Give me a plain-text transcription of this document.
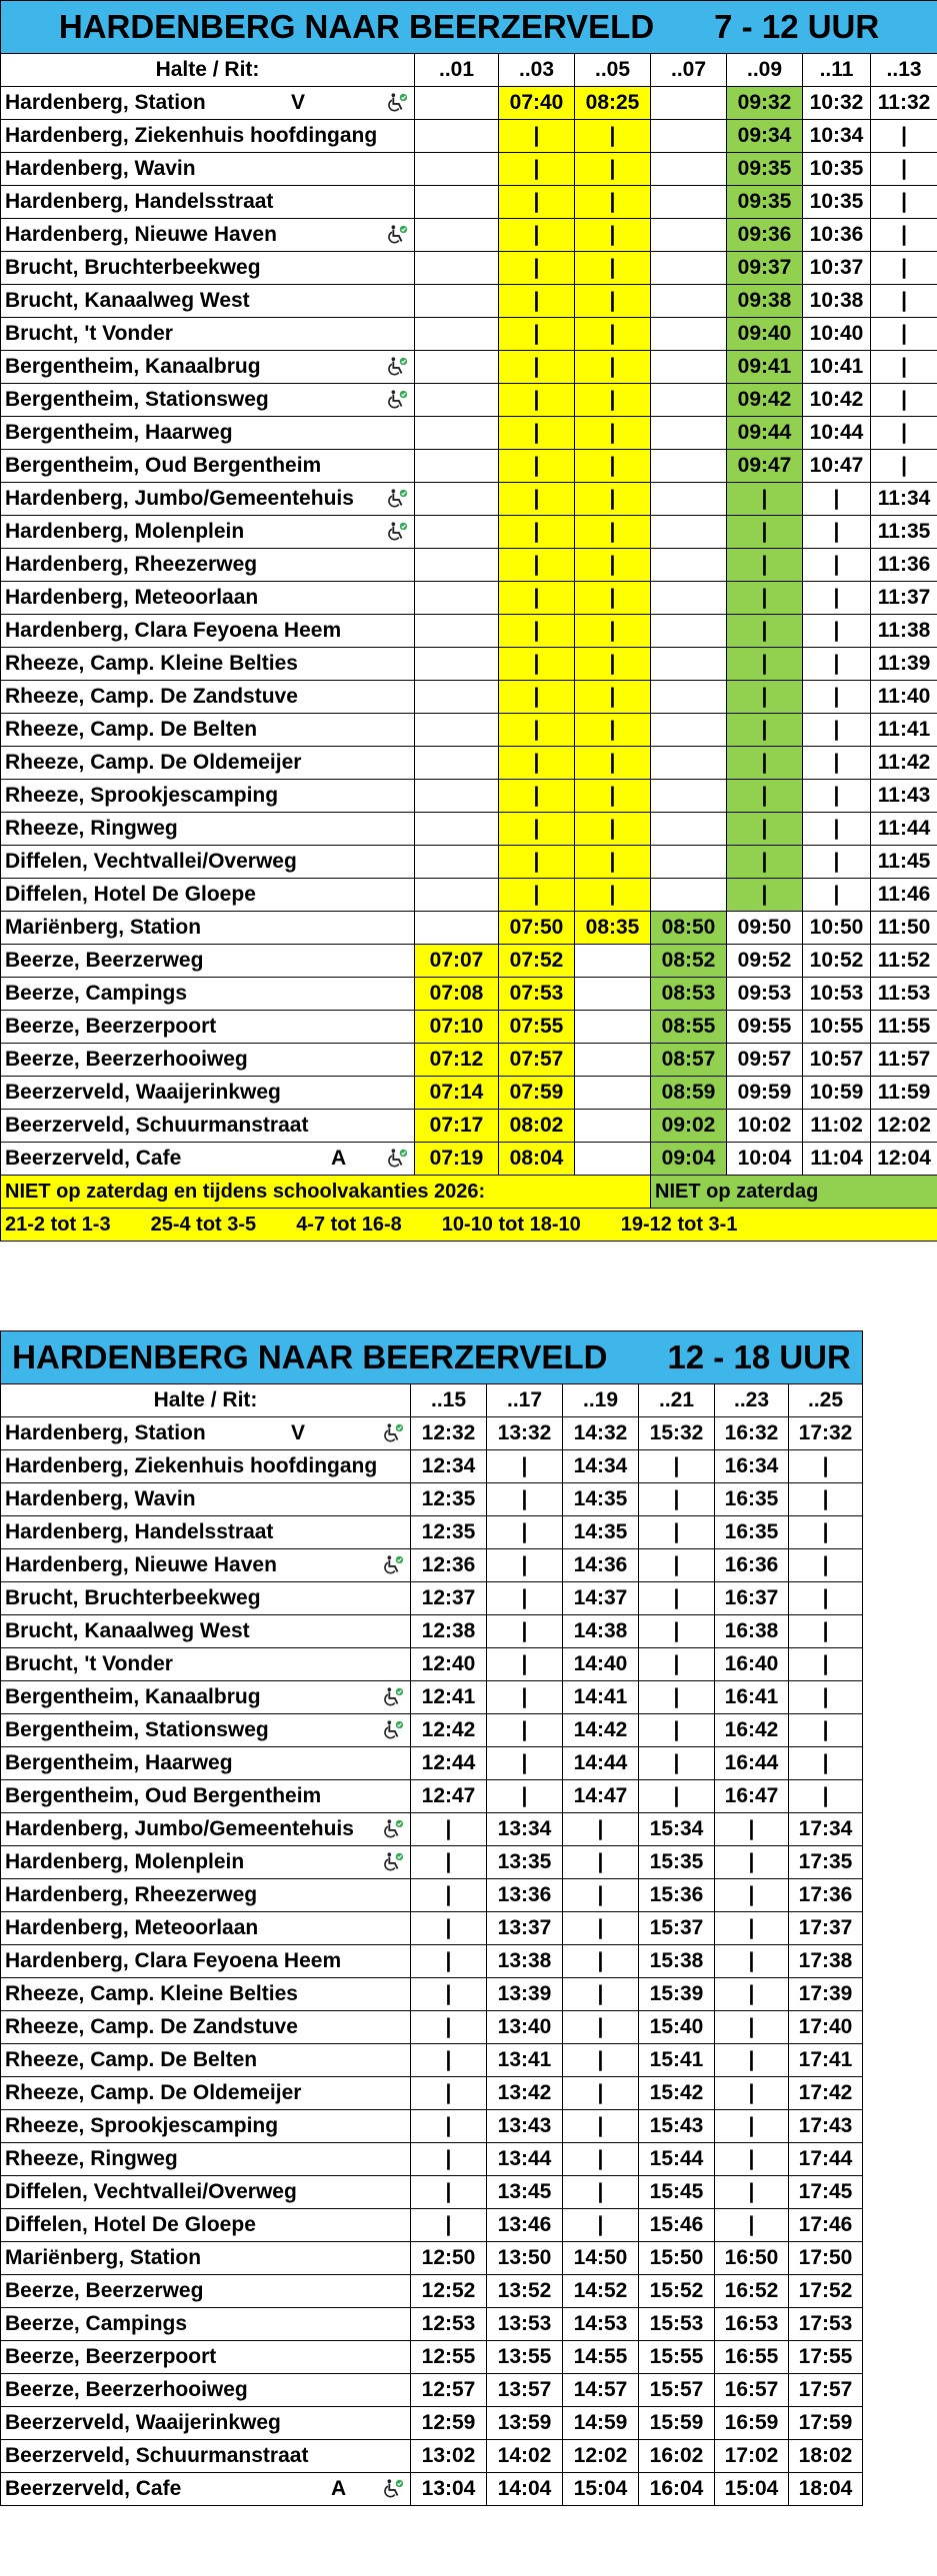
HARDENBERG NAAR BEERZERVELD 7 - 12 UUR							
Halte / Rit:	..01	..03	..05	..07	..09	..11	..13
Hardenberg, Station V		07:40	08:25		09:32	10:32	11:32
Hardenberg, Ziekenhuis hoofdingang		|	|		09:34	10:34	|
Hardenberg, Wavin		|	|		09:35	10:35	|
Hardenberg, Handelsstraat		|	|		09:35	10:35	|
Hardenberg, Nieuwe Haven		|	|		09:36	10:36	|
Brucht, Bruchterbeekweg		|	|		09:37	10:37	|
Brucht, Kanaalweg West		|	|		09:38	10:38	|
Brucht, 't Vonder		|	|		09:40	10:40	|
Bergentheim, Kanaalbrug		|	|		09:41	10:41	|
Bergentheim, Stationsweg		|	|		09:42	10:42	|
Bergentheim, Haarweg		|	|		09:44	10:44	|
Bergentheim, Oud Bergentheim		|	|		09:47	10:47	|
Hardenberg, Jumbo/Gemeentehuis		|	|		|	|	11:34
Hardenberg, Molenplein		|	|		|	|	11:35
Hardenberg, Rheezerweg		|	|		|	|	11:36
Hardenberg, Meteoorlaan		|	|		|	|	11:37
Hardenberg, Clara Feyoena Heem		|	|		|	|	11:38
Rheeze, Camp. Kleine Belties		|	|		|	|	11:39
Rheeze, Camp. De Zandstuve		|	|		|	|	11:40
Rheeze, Camp. De Belten		|	|		|	|	11:41
Rheeze, Camp. De Oldemeijer		|	|		|	|	11:42
Rheeze, Sprookjescamping		|	|		|	|	11:43
Rheeze, Ringweg		|	|		|	|	11:44
Diffelen, Vechtvallei/Overweg		|	|		|	|	11:45
Diffelen, Hotel De Gloepe		|	|		|	|	11:46
Mariënberg, Station		07:50	08:35	08:50	09:50	10:50	11:50
Beerze, Beerzerweg	07:07	07:52		08:52	09:52	10:52	11:52
Beerze, Campings	07:08	07:53		08:53	09:53	10:53	11:53
Beerze, Beerzerpoort	07:10	07:55		08:55	09:55	10:55	11:55
Beerze, Beerzerhooiweg	07:12	07:57		08:57	09:57	10:57	11:57
Beerzerveld, Waaijerinkweg	07:14	07:59		08:59	09:59	10:59	11:59
Beerzerveld, Schuurmanstraat	07:17	08:02		09:02	10:02	11:02	12:02
Beerzerveld, Cafe A	07:19	08:04		09:04	10:04	11:04	12:04
NIET op zaterdag en tijdens schoolvakanties 2026:				NIET op zaterdag			
21-2 tot 1-3 25-4 tot 3-5 4-7 tot 16-8 10-10 tot 18-10 19-12 tot 3-1							
HARDENBERG NAAR BEERZERVELD 12 - 18 UUR						
Halte / Rit:	..15	..17	..19	..21	..23	..25
Hardenberg, Station V	12:32	13:32	14:32	15:32	16:32	17:32
Hardenberg, Ziekenhuis hoofdingang	12:34	|	14:34	|	16:34	|
Hardenberg, Wavin	12:35	|	14:35	|	16:35	|
Hardenberg, Handelsstraat	12:35	|	14:35	|	16:35	|
Hardenberg, Nieuwe Haven	12:36	|	14:36	|	16:36	|
Brucht, Bruchterbeekweg	12:37	|	14:37	|	16:37	|
Brucht, Kanaalweg West	12:38	|	14:38	|	16:38	|
Brucht, 't Vonder	12:40	|	14:40	|	16:40	|
Bergentheim, Kanaalbrug	12:41	|	14:41	|	16:41	|
Bergentheim, Stationsweg	12:42	|	14:42	|	16:42	|
Bergentheim, Haarweg	12:44	|	14:44	|	16:44	|
Bergentheim, Oud Bergentheim	12:47	|	14:47	|	16:47	|
Hardenberg, Jumbo/Gemeentehuis	|	13:34	|	15:34	|	17:34
Hardenberg, Molenplein	|	13:35	|	15:35	|	17:35
Hardenberg, Rheezerweg	|	13:36	|	15:36	|	17:36
Hardenberg, Meteoorlaan	|	13:37	|	15:37	|	17:37
Hardenberg, Clara Feyoena Heem	|	13:38	|	15:38	|	17:38
Rheeze, Camp. Kleine Belties	|	13:39	|	15:39	|	17:39
Rheeze, Camp. De Zandstuve	|	13:40	|	15:40	|	17:40
Rheeze, Camp. De Belten	|	13:41	|	15:41	|	17:41
Rheeze, Camp. De Oldemeijer	|	13:42	|	15:42	|	17:42
Rheeze, Sprookjescamping	|	13:43	|	15:43	|	17:43
Rheeze, Ringweg	|	13:44	|	15:44	|	17:44
Diffelen, Vechtvallei/Overweg	|	13:45	|	15:45	|	17:45
Diffelen, Hotel De Gloepe	|	13:46	|	15:46	|	17:46
Mariënberg, Station	12:50	13:50	14:50	15:50	16:50	17:50
Beerze, Beerzerweg	12:52	13:52	14:52	15:52	16:52	17:52
Beerze, Campings	12:53	13:53	14:53	15:53	16:53	17:53
Beerze, Beerzerpoort	12:55	13:55	14:55	15:55	16:55	17:55
Beerze, Beerzerhooiweg	12:57	13:57	14:57	15:57	16:57	17:57
Beerzerveld, Waaijerinkweg	12:59	13:59	14:59	15:59	16:59	17:59
Beerzerveld, Schuurmanstraat	13:02	14:02	12:02	16:02	17:02	18:02
Beerzerveld, Cafe A	13:04	14:04	15:04	16:04	15:04	18:04
